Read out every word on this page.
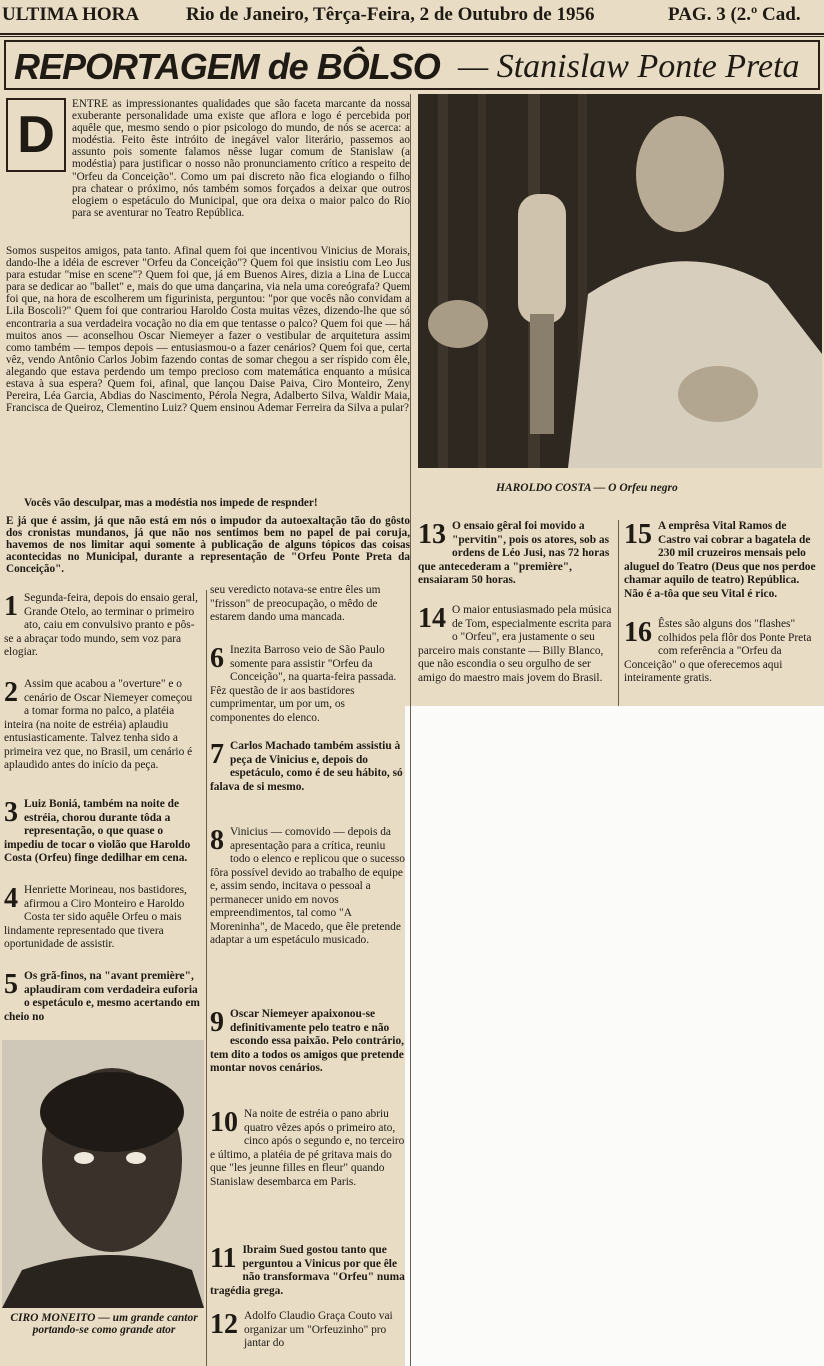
ULTIMA HORA Rio de Janeiro, Têrça-Feira, 2 de Outubro de 1956	PAG. 3 (2.º Cad.
REPORTAGEM de BÔLSO — Stanislaw Ponte Preta
D
ENTRE as impressionantes qualidades que são faceta marcante da nossa exuberante personalidade uma existe que aflora e logo é percebida por aquêle que, mesmo sendo o pior psicologo do mundo, de nós se acerca: a modéstia. Feito êste intróito de inegável valor literário, passemos ao assunto pois somente falamos nêsse lugar comum de Stanislaw (a modéstia) para justificar o nosso não pronunciamento crítico a respeito de "Orfeu da Conceição". Como um pai discreto não fica elogiando o filho pra chatear o próximo, nós também somos forçados a deixar que outros elogiem o espetáculo do Municipal, que ora deixa o maior palco do Rio para se aventurar no Teatro República.
Somos suspeitos amigos, pata tanto. Afinal quem foi que incentivou Vinicius de Morais, dando-lhe a idéia de escrever "Orfeu da Conceição"? Quem foi que insistiu com Leo Jus para estudar "mise en scene"? Quem foi que, já em Buenos Aires, dizia a Lina de Lucca para se dedicar ao "ballet" e, mais do que uma dançarina, via nela uma coreógrafa? Quem foi que, na hora de escolherem um figurinista, perguntou: "por que vocês não convidam a Lila Boscoli?" Quem foi que contrariou Haroldo Costa muitas vêzes, dizendo-lhe que só encontraria a sua verdadeira vocação no dia em que tentasse o palco? Quem foi que — há muitos anos — aconselhou Oscar Niemeyer a fazer o vestibular de arquitetura assim como também — tempos depois — entusiasmou-o a fazer cenários? Quem foi que, certa vêz, vendo Antônio Carlos Jobim fazendo contas de somar chegou a ser ríspido com êle, alegando que estava perdendo um tempo precioso com matemática enquanto a música estava à sua espera? Quem foi, afinal, que lançou Daise Paiva, Ciro Monteiro, Zeny Pereira, Léa Garcia, Abdias do Nascimento, Pérola Negra, Adalberto Silva, Waldir Maia, Francisca de Queiroz, Clementino Luiz? Quem ensinou Ademar Ferreira da Silva a pular?
Vocês vão desculpar, mas a modéstia nos impede de respnder!
E já que é assim, já que não está em nós o impudor da autoexaltação tão do gôsto dos cronistas mundanos, já que não nos sentimos bem no papel de pai coruja, havemos de nos limitar aqui somente à publicação de alguns tópicos das coisas acontecidas no Municipal, durante a representação de "Orfeu Ponte Preta da Conceição".
HAROLDO COSTA — O Orfeu negro
CIRO MONEITO — um grande cantor portando-se como grande ator
1 Segunda-feira, depois do ensaio geral, Grande Otelo, ao terminar o primeiro ato, caiu em convulsivo pranto e pôs-se a abraçar todo mundo, sem voz para elogiar.
2 Assim que acabou a "overture" e o cenário de Oscar Niemeyer começou a tomar forma no palco, a platéia inteira (na noite de estréia) aplaudiu entusiasticamente. Talvez tenha sido a primeira vez que, no Brasil, um cenário é aplaudido antes do início da peça.
3 Luiz Boniá, também na noite de estréia, chorou durante tôda a representação, o que quase o impediu de tocar o violão que Haroldo Costa (Orfeu) finge dedilhar em cena.
4 Henriette Morineau, nos bastidores, afirmou a Ciro Monteiro e Haroldo Costa ter sido aquêle Orfeu o mais lindamente representado que tivera oportunidade de assistir.
5 Os grã-finos, na "avant première", aplaudiram com verdadeira euforia o espetáculo e, mesmo acertando em cheio no
seu veredicto notava-se entre êles um "frisson" de preocupação, o mêdo de estarem dando uma mancada.
6 Inezita Barroso veio de São Paulo somente para assistir "Orfeu da Conceição", na quarta-feira passada. Fêz questão de ir aos bastidores cumprimentar, um por um, os componentes do elenco.
7 Carlos Machado também assistiu à peça de Vinicius e, depois do espetáculo, como é de seu hábito, só falava de si mesmo.
8 Vinicius — comovido — depois da apresentação para a crítica, reuniu todo o elenco e replicou que o sucesso fôra possível devido ao trabalho de equipe e, assim sendo, incitava o pessoal a permanecer unido em novos empreendimentos, tal como "A Moreninha", de Macedo, que êle pretende adaptar a um espetáculo musicado.
9 Oscar Niemeyer apaixonou-se definitivamente pelo teatro e não escondo essa paixão. Pelo contrário, tem dito a todos os amigos que pretende montar novos cenários.
10 Na noite de estréia o pano abriu quatro vêzes após o primeiro ato, cinco após o segundo e, no terceiro e último, a platéia de pé gritava mais do que "les jeunne filles en fleur" quando Stanislaw desembarca em Paris.
11 Ibraim Sued gostou tanto que perguntou a Vinicus por que êle não transformava "Orfeu" numa tragédia grega.
12 Adolfo Claudio Graça Couto vai organizar um "Orfeuzinho" pro jantar do
13 O ensaio gêral foi movido a "pervitin", pois os atores, sob as ordens de Léo Jusi, nas 72 horas que antecederam a "première", ensaiaram 50 horas.
14 O maior entusiasmado pela música de Tom, especialmente escrita para o "Orfeu", era justamente o seu parceiro mais constante — Billy Blanco, que não escondia o seu orgulho de ser amigo do maestro mais jovem do Brasil.
15 A emprêsa Vital Ramos de Castro vai cobrar a bagatela de 230 mil cruzeiros mensais pelo aluguel do Teatro (Deus que nos perdoe chamar aquilo de teatro) República. Não é a-tôa que seu Vital é rico.
16 Êstes são alguns dos "flashes" colhidos pela flôr dos Ponte Preta com referência a "Orfeu da Conceição" o que oferecemos aqui inteiramente gratis.
